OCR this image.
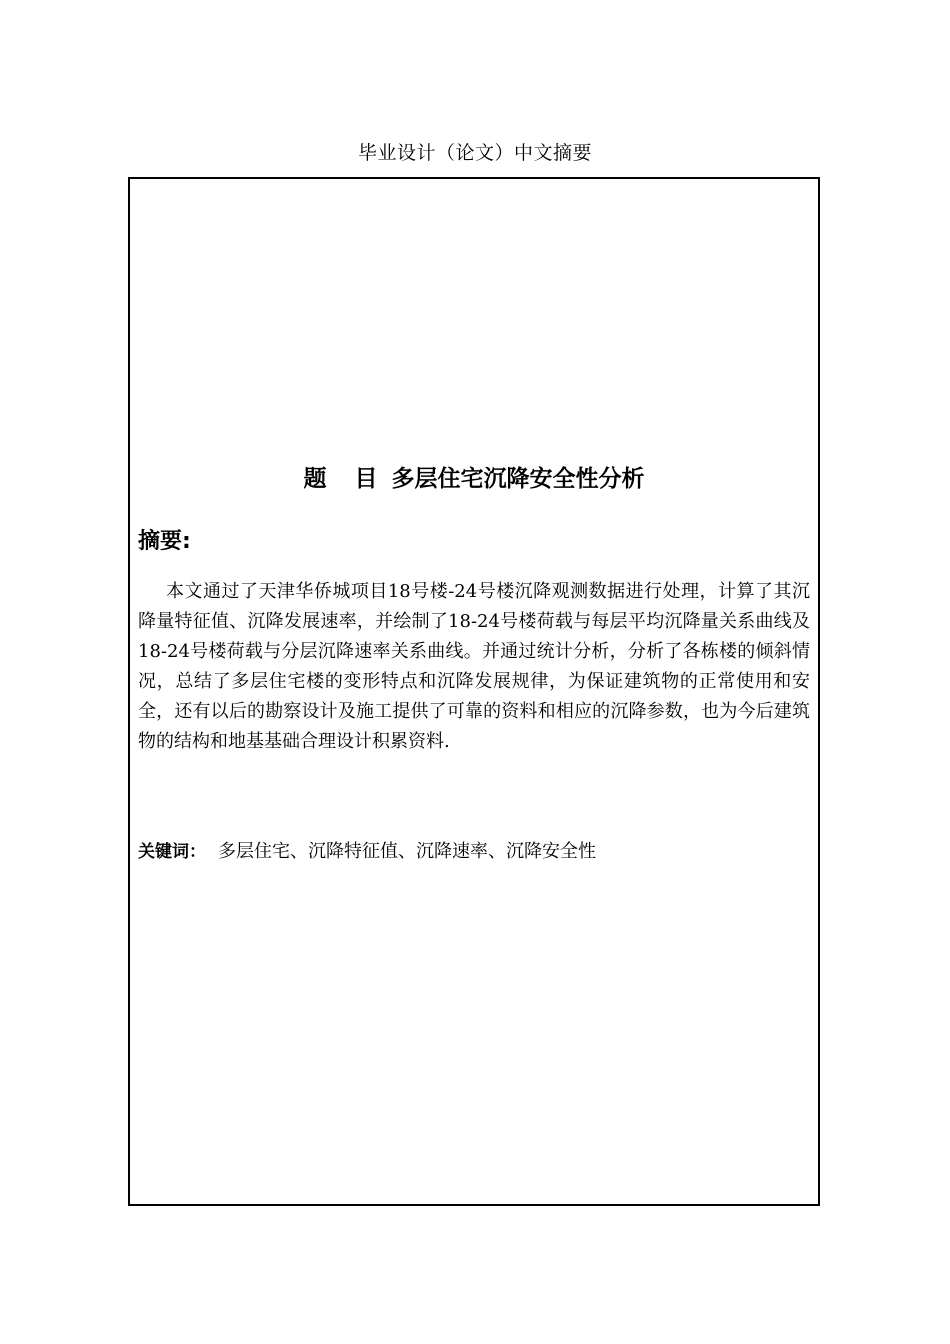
毕业设计（论文）中文摘要
题 目 多层住宅沉降安全性分析
摘要:

本文通过了天津华侨城项目18号楼-24号楼沉降观测数据进行处理，计算了其沉降量特征值、沉降发展速率，并绘制了18-24号楼荷载与每层平均沉降量关系曲线及18-24号楼荷载与分层沉降速率关系曲线。并通过统计分析，分析了各栋楼的倾斜情况，总结了多层住宅楼的变形特点和沉降发展规律，为保证建筑物的正常使用和安全，还有以后的勘察设计及施工提供了可靠的资料和相应的沉降参数，也为今后建筑物的结构和地基基础合理设计积累资料.

关键词： 多层住宅、沉降特征值、沉降速率、沉降安全性
